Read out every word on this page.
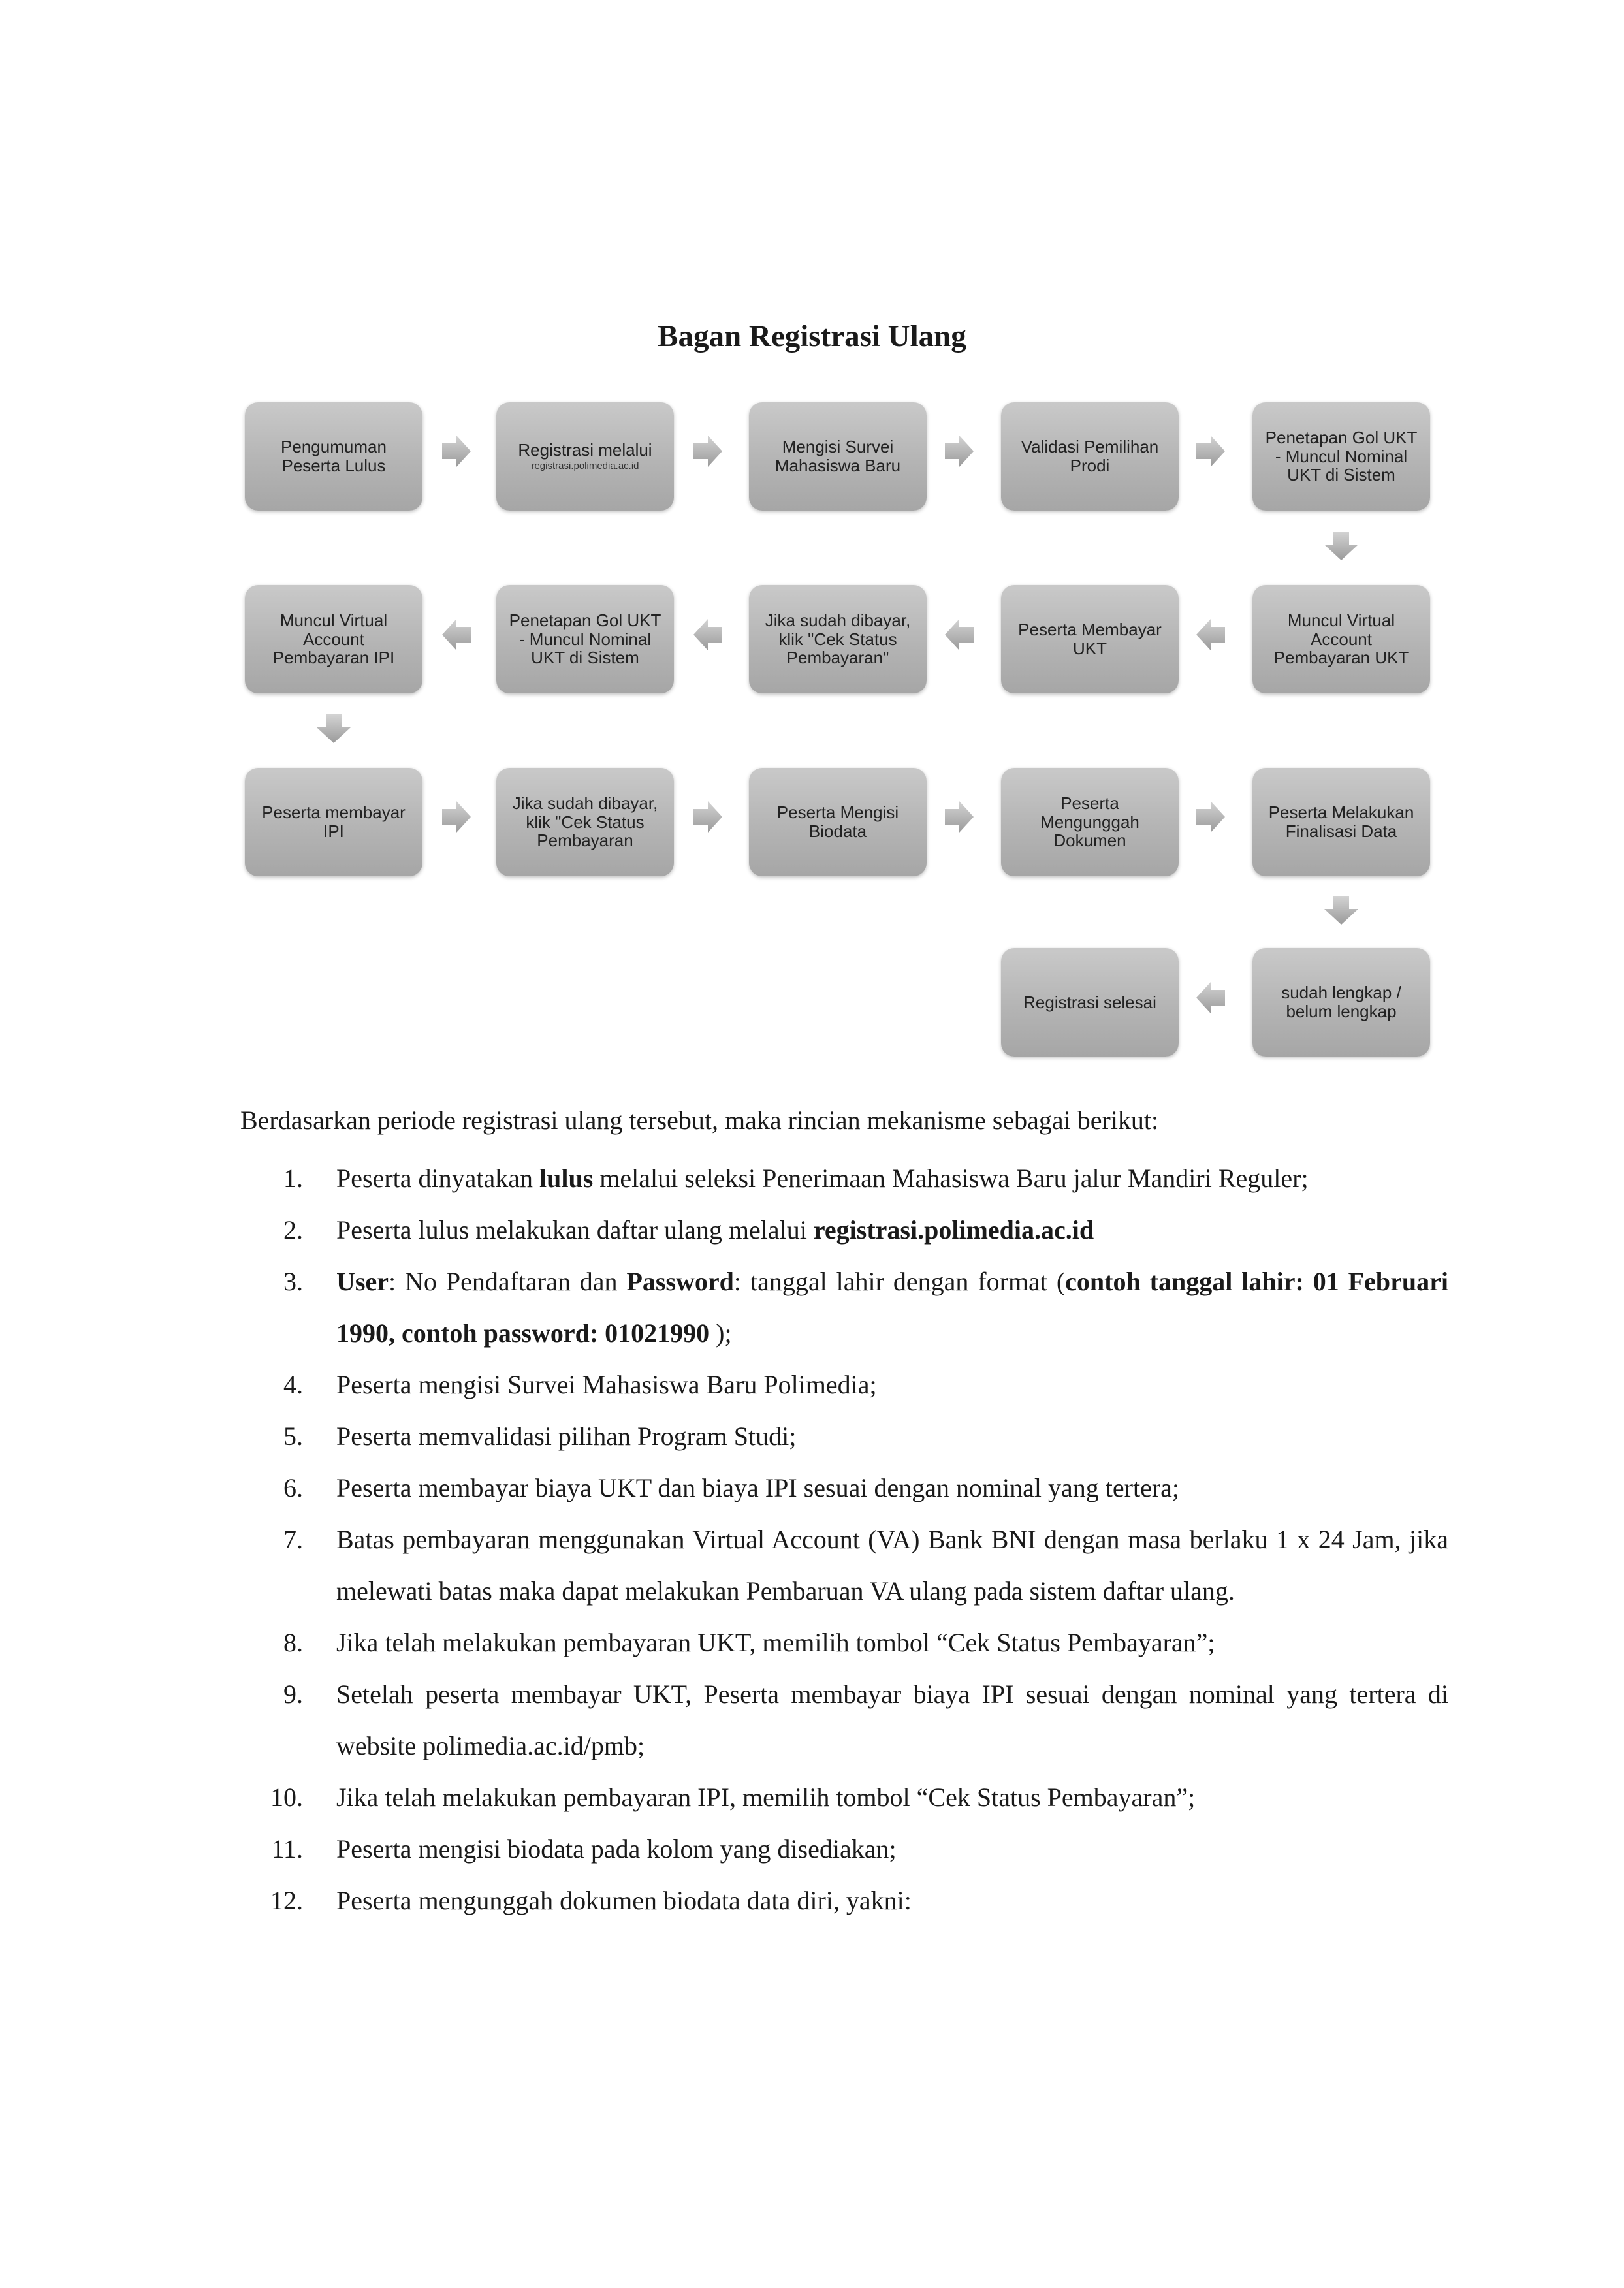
Bagan Registrasi Ulang
Pengumuman Peserta Lulus
Registrasi melalui
registrasi.polimedia.ac.id
Mengisi Survei Mahasiswa Baru
Validasi Pemilihan Prodi
Penetapan Gol UKT - Muncul Nominal UKT di Sistem
Muncul Virtual Account Pembayaran IPI
Penetapan Gol UKT - Muncul Nominal UKT di Sistem
Jika sudah dibayar, klik "Cek Status Pembayaran"
Peserta Membayar UKT
Muncul Virtual Account Pembayaran UKT
Peserta membayar IPI
Jika sudah dibayar, klik "Cek Status Pembayaran
Peserta Mengisi Biodata
Peserta Mengunggah Dokumen
Peserta Melakukan Finalisasi Data
Registrasi selesai	sudah lengkap / belum lengkap
Berdasarkan periode registrasi ulang tersebut, maka rincian mekanisme sebagai berikut:
1. Peserta dinyatakan lulus melalui seleksi Penerimaan Mahasiswa Baru jalur Mandiri Reguler;
2. Peserta lulus melakukan daftar ulang melalui registrasi.polimedia.ac.id
3. User: No Pendaftaran dan Password: tanggal lahir dengan format (contoh tanggal lahir: 01 Februari 1990, contoh password: 01021990 );
4. Peserta mengisi Survei Mahasiswa Baru Polimedia;
5. Peserta memvalidasi pilihan Program Studi;
6. Peserta membayar biaya UKT dan biaya IPI sesuai dengan nominal yang tertera;
7. Batas pembayaran menggunakan Virtual Account (VA) Bank BNI dengan masa berlaku 1 x 24 Jam, jika melewati batas maka dapat melakukan Pembaruan VA ulang pada sistem daftar ulang.
8. Jika telah melakukan pembayaran UKT, memilih tombol “Cek Status Pembayaran”;
9. Setelah peserta membayar UKT, Peserta membayar biaya IPI sesuai dengan nominal yang tertera di website polimedia.ac.id/pmb;
10. Jika telah melakukan pembayaran IPI, memilih tombol “Cek Status Pembayaran”;
11. Peserta mengisi biodata pada kolom yang disediakan;
12. Peserta mengunggah dokumen biodata data diri, yakni:
